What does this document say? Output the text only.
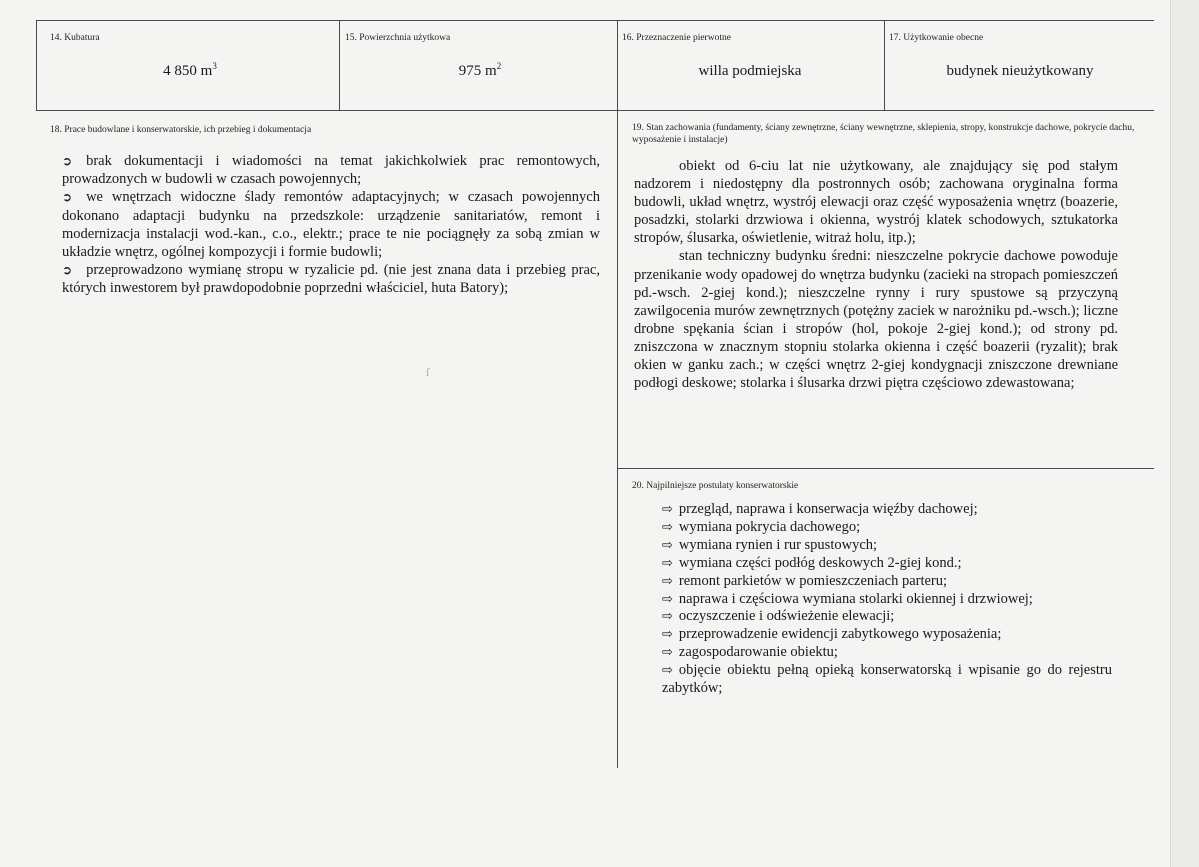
14. Kubatura
4 850 $m^3$
15. Powierzchnia użytkowa
975 $m^2$
16. Przeznaczenie pierwotne
willa podmiejska
17. Użytkowanie obecne
budynek nieużytkowany
18. Prace budowlane i konserwatorskie, ich przebieg i dokumentacja

➲ brak dokumentacji i wiadomości na temat jakichkolwiek prac remontowych, prowadzonych w budowli w czasach powojennych;

➲ we wnętrzach widoczne ślady remontów adaptacyjnych; w czasach powojennych dokonano adaptacji budynku na przedszkole: urządzenie sanitariatów, remont i modernizacja instalacji wod.-kan., c.o., elektr.; prace te nie pociągnęły za sobą zmian w układzie wnętrz, ogólnej kompozycji i formie budowli;

➲ przeprowadzono wymianę stropu w ryzalicie pd. (nie jest znana data i przebieg prac, których inwestorem był prawdopodobnie poprzedni właściciel, huta Batory);

ſ
19. Stan zachowania (fundamenty, ściany zewnętrzne, ściany wewnętrzne, sklepienia, stropy, konstrukcje dachowe, pokrycie dachu, wyposażenie i instalacje)

obiekt od 6-ciu lat nie użytkowany, ale znajdujący się pod stałym nadzorem i niedostępny dla postronnych osób; zachowana oryginalna forma budowli, układ wnętrz, wystrój elewacji oraz część wyposażenia wnętrz (boazerie, posadzki, stolarki drzwiowa i okienna, wystrój klatek schodowych, sztukatorka stropów, ślusarka, oświetlenie, witraż holu, itp.);

stan techniczny budynku średni: nieszczelne pokrycie dachowe powoduje przenikanie wody opadowej do wnętrza budynku (zacieki na stropach pomieszczeń pd.-wsch. 2-giej kond.); nieszczelne rynny i rury spustowe są przyczyną zawilgocenia murów zewnętrznych (potężny zaciek w narożniku pd.-wsch.); liczne drobne spękania ścian i stropów (hol, pokoje 2-giej kond.); od strony pd. zniszczona w znacznym stopniu stolarka okienna i część boazerii (ryzalit); brak okien w ganku zach.; w części wnętrz 2-giej kondygnacji zniszczone drewniane podłogi deskowe; stolarka i ślusarka drzwi piętra częściowo zdewastowana;

20. Najpilniejsze postulaty konserwatorskie

⇨ przegląd, naprawa i konserwacja więźby dachowej;

⇨ wymiana pokrycia dachowego;

⇨ wymiana rynien i rur spustowych;

⇨ wymiana części podłóg deskowych 2-giej kond.;

⇨ remont parkietów w pomieszczeniach parteru;

⇨ naprawa i częściowa wymiana stolarki okiennej i drzwiowej;

⇨ oczyszczenie i odświeżenie elewacji;

⇨ przeprowadzenie ewidencji zabytkowego wyposażenia;

⇨ zagospodarowanie obiektu;

⇨ objęcie obiektu pełną opieką konserwatorską i wpisanie go do rejestru zabytków;
